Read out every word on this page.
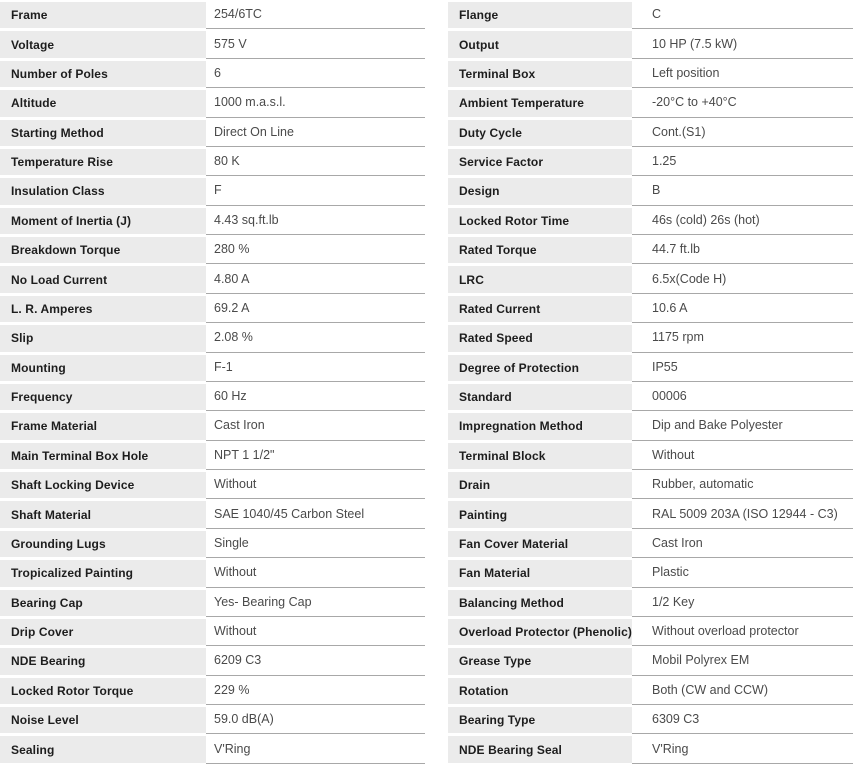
Frame	254/6TC
Voltage	575 V
Number of Poles	6
Altitude	1000 m.a.s.l.
Starting Method	Direct On Line
Temperature Rise	80 K
Insulation Class	F
Moment of Inertia (J)	4.43 sq.ft.lb
Breakdown Torque	280 %
No Load Current	4.80 A
L. R. Amperes	69.2 A
Slip	2.08 %
Mounting	F-1
Frequency	60 Hz
Frame Material	Cast Iron
Main Terminal Box Hole	NPT 1 1/2"
Shaft Locking Device	Without
Shaft Material	SAE 1040/45 Carbon Steel
Grounding Lugs	Single
Tropicalized Painting	Without
Bearing Cap	Yes- Bearing Cap
Drip Cover	Without
NDE Bearing	6209 C3
Locked Rotor Torque	229 %
Noise Level	59.0 dB(A)
Sealing	V'Ring
Flange	C
Output	10 HP (7.5 kW)
Terminal Box	Left position
Ambient Temperature	-20°C to +40°C
Duty Cycle	Cont.(S1)
Service Factor	1.25
Design	B
Locked Rotor Time	46s (cold) 26s (hot)
Rated Torque	44.7 ft.lb
LRC	6.5x(Code H)
Rated Current	10.6 A
Rated Speed	1175 rpm
Degree of Protection	IP55
Standard	00006
Impregnation Method	Dip and Bake Polyester
Terminal Block	Without
Drain	Rubber, automatic
Painting	RAL 5009 203A (ISO 12944 - C3)
Fan Cover Material	Cast Iron
Fan Material	Plastic
Balancing Method	1/2 Key
Overload Protector (Phenolic)	Without overload protector
Grease Type	Mobil Polyrex EM
Rotation	Both (CW and CCW)
Bearing Type	6309 C3
NDE Bearing Seal	V'Ring
